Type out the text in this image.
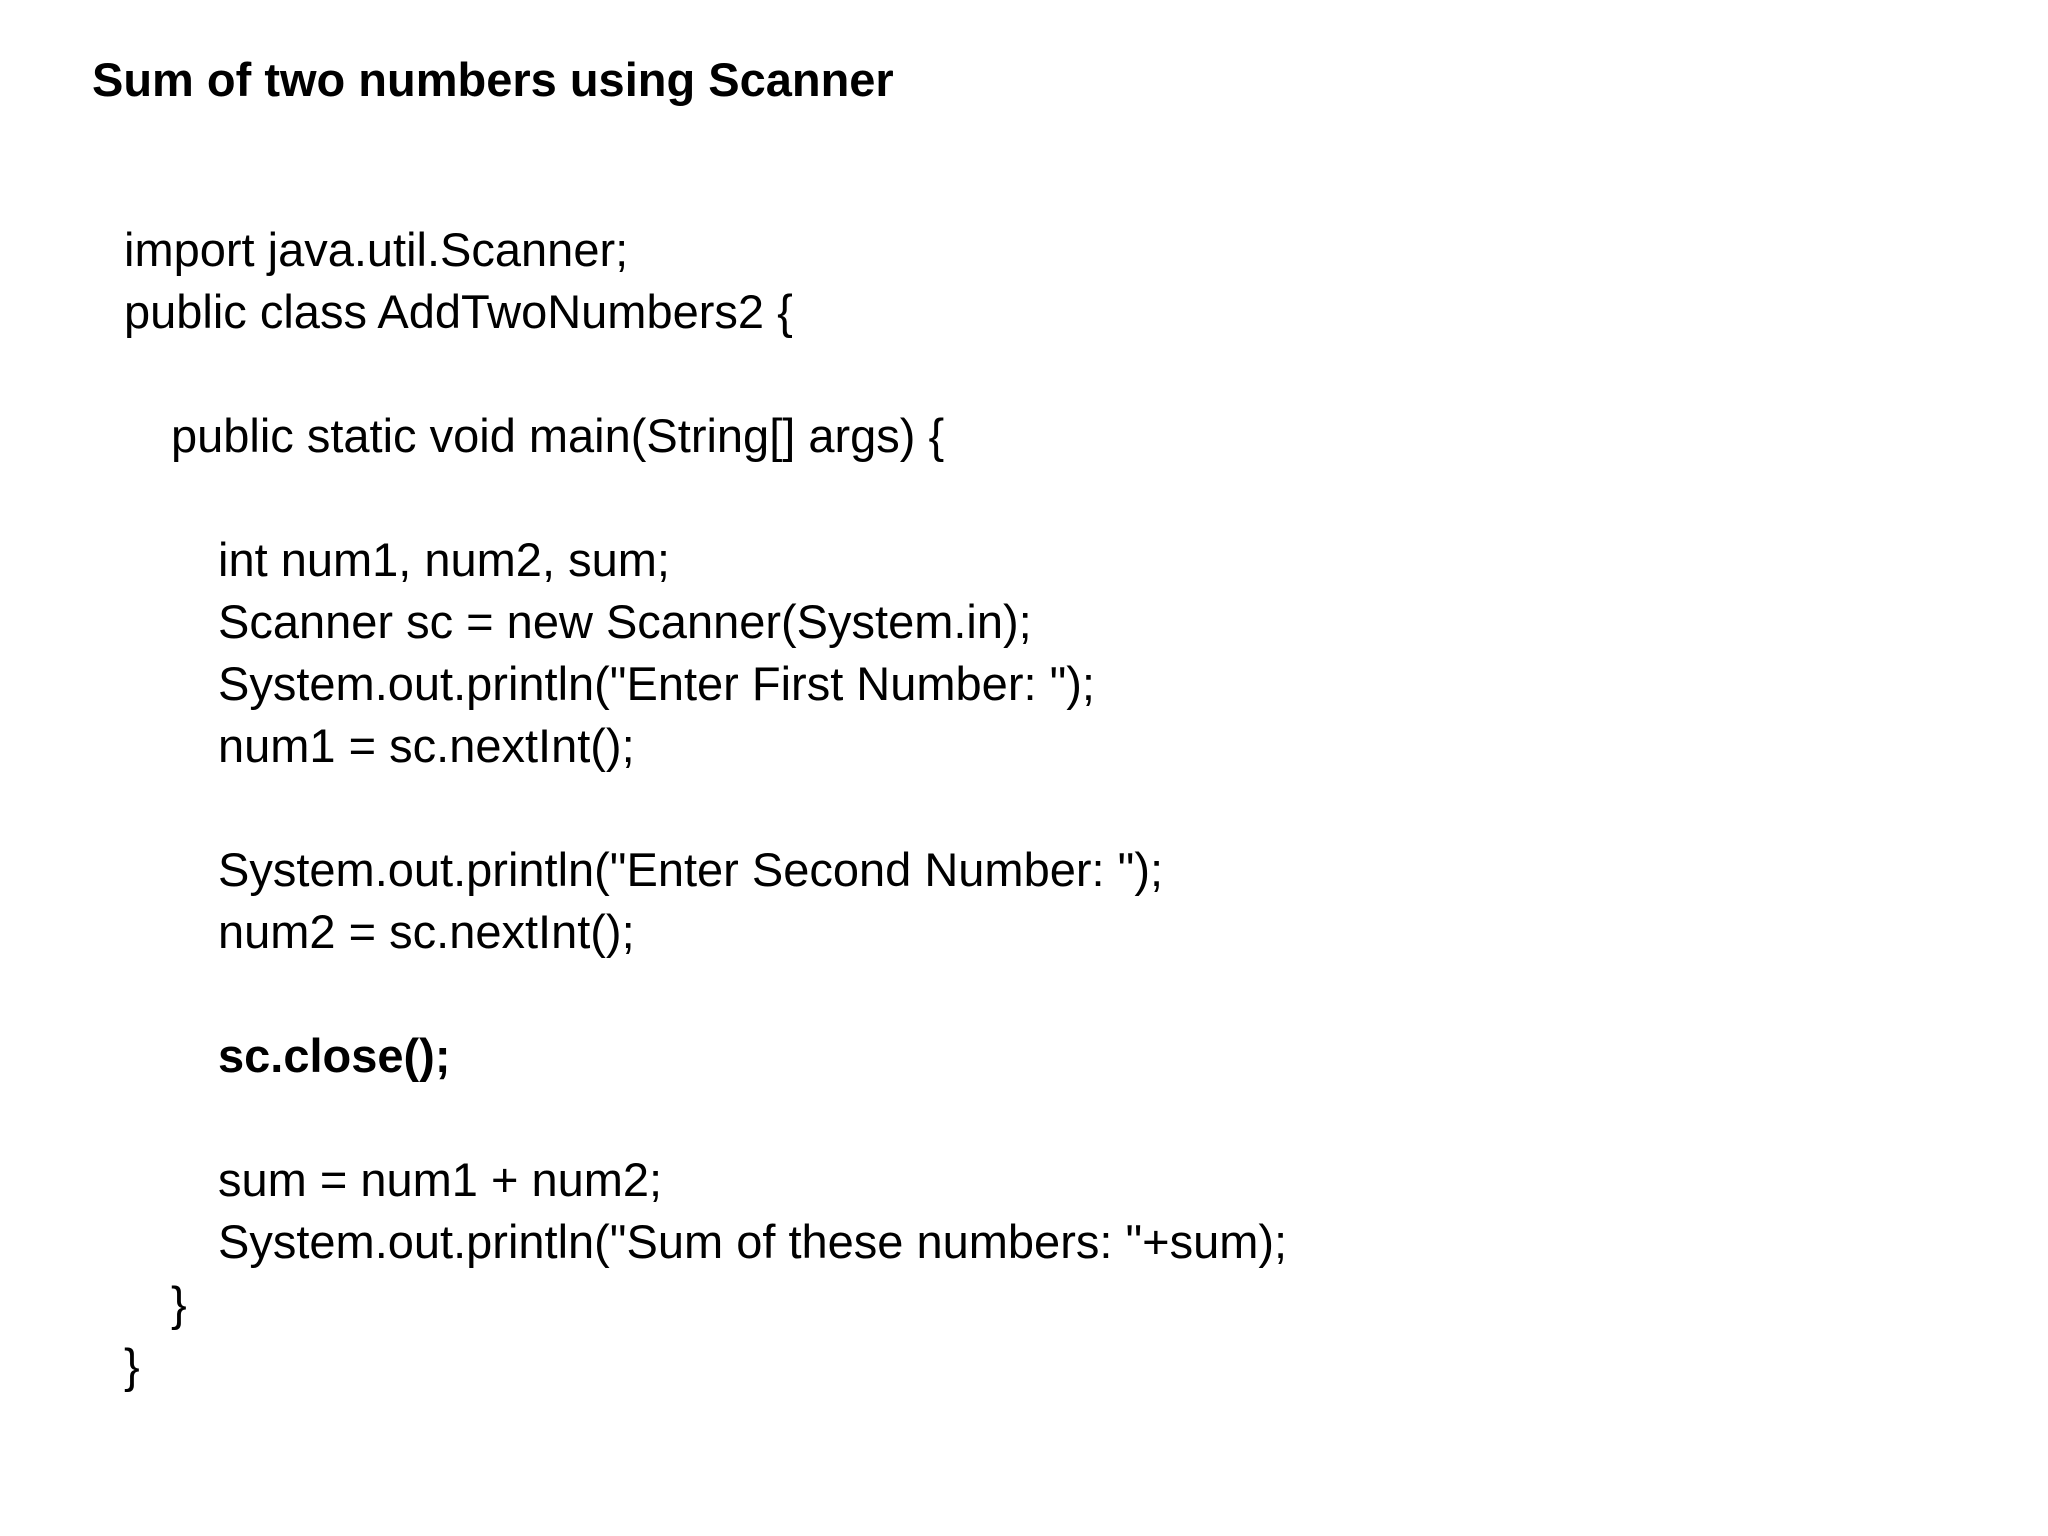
Sum of two numbers using Scanner
import java.util.Scanner;
public class AddTwoNumbers2 {
public static void main(String[] args) {
int num1, num2, sum;
Scanner sc = new Scanner(System.in);
System.out.println("Enter First Number: ");
num1 = sc.nextInt();
System.out.println("Enter Second Number: ");
num2 = sc.nextInt();
sc.close();
sum = num1 + num2;
System.out.println("Sum of these numbers: "+sum);
}
}
